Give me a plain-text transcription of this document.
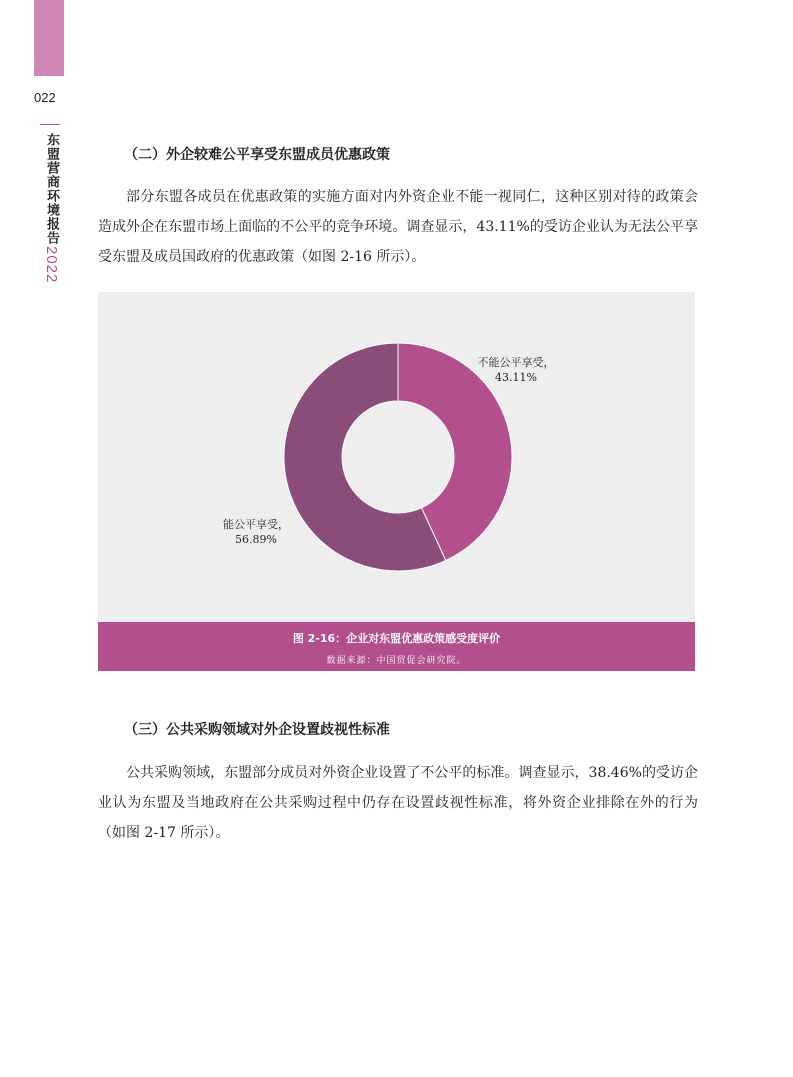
022
东盟营商环境报告
2022
（二）外企较难公平享受东盟成员优惠政策

部分东盟各成员在优惠政策的实施方面对内外资企业不能一视同仁，这种区别对待的政策会造成外企在东盟市场上面临的不公平的竞争环境。调查显示，43.11%的受访企业认为无法公平享受东盟及成员国政府的优惠政策（如图 2-16 所示）。

不能公平享受，
43.11%
能公平享受，
56.89%
图 2-16：企业对东盟优惠政策感受度评价
数据来源：中国贸促会研究院。
（三）公共采购领域对外企设置歧视性标准

公共采购领域，东盟部分成员对外资企业设置了不公平的标准。调查显示，38.46%的受访企业认为东盟及当地政府在公共采购过程中仍存在设置歧视性标准，将外资企业排除在外的行为（如图 2-17 所示）。
